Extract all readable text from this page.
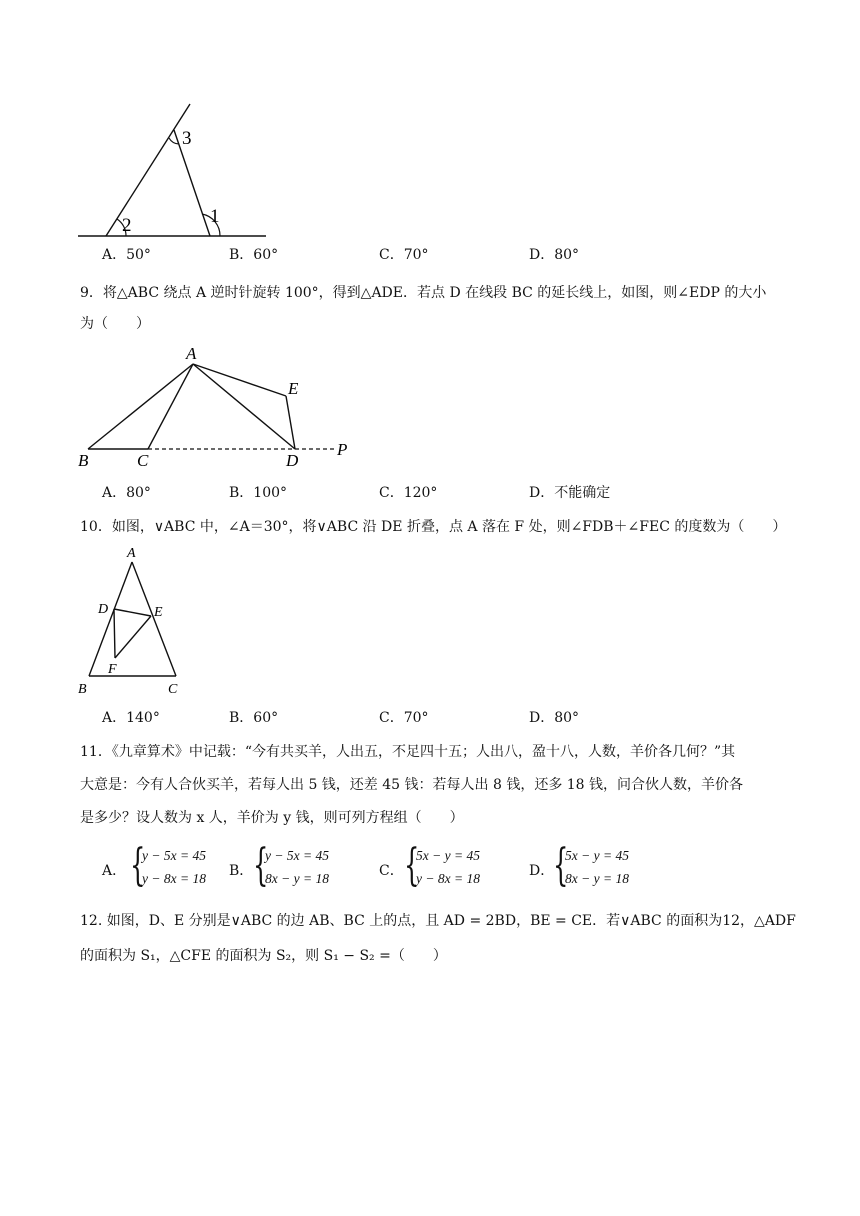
3
2	1
A．50°	B．60°	C．70°	D．80°
9．将△ABC 绕点 A 逆时针旋转 100°，得到△ADE．若点 D 在线段 BC 的延长线上，如图，则∠EDP 的大小
为（　　）
A
E
B	C	D
P
A．80°	B．100°	C．120°	D．不能确定
10．如图，∨ABC 中，∠A＝30°，将∨ABC 沿 DE 折叠，点 A 落在 F 处，则∠FDB＋∠FEC 的度数为（　　）
A
D	E
F
B	C
A．140°	B．60°	C．70°	D．80°
11．《九章算术》中记载：“今有共买羊，人出五，不足四十五；人出八，盈十八，人数，羊价各几何？”其
大意是：今有人合伙买羊，若每人出 5 钱，还差 45 钱：若每人出 8 钱，还多 18 钱，问合伙人数，羊价各
是多少？设人数为 x 人，羊价为 y 钱，则可列方程组（　　）
A． {
y − 5x = 45
y − 8x = 18 B． {
y − 5x = 45
8x − y = 18	C． {
5x − y = 45
y − 8x = 18	D．
{
5x − y = 45
8x − y = 18
12. 如图，D、E 分别是∨ABC 的边 AB、BC 上的点，且 AD = 2BD，BE = CE．若∨ABC 的面积为12，△ADF
的面积为 S₁，△CFE 的面积为 S₂，则 S₁ − S₂ =（　　）
